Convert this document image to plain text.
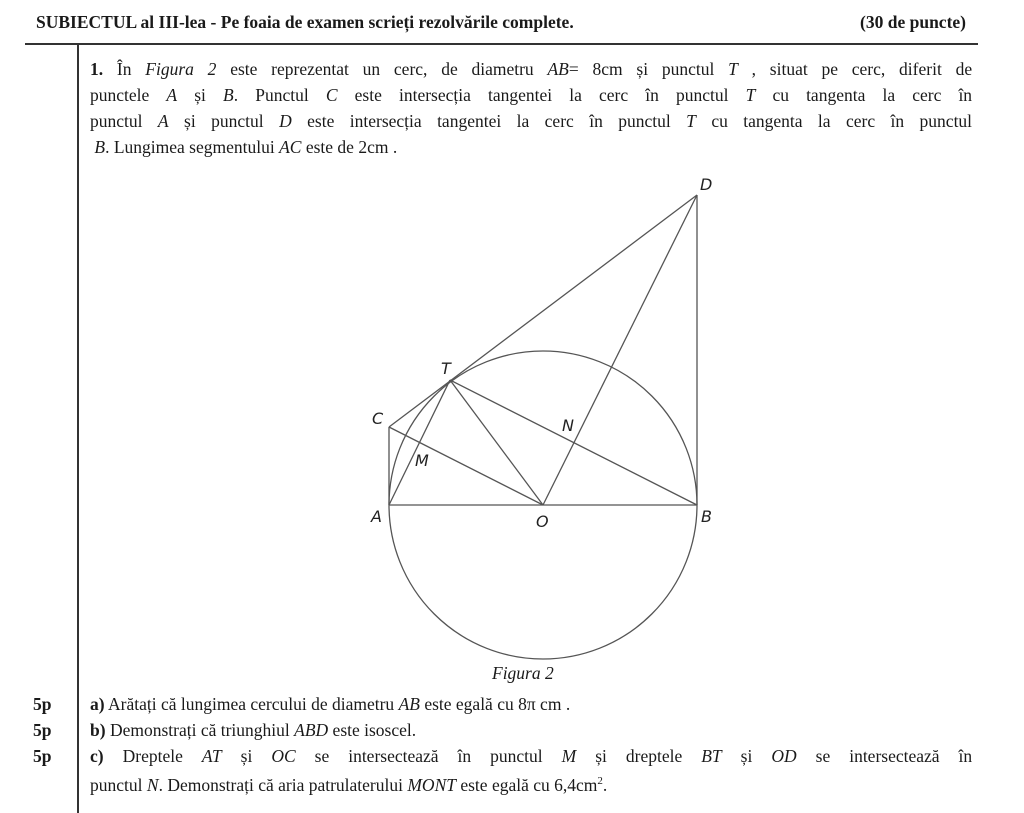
SUBIECTUL al III-lea - Pe foaia de examen scrieți rezolvările complete.	(30 de puncte)
1. În Figura 2 este reprezentat un cerc, de diametru AB= 8cm și punctul T , situat pe cerc, diferit de
punctele A și B. Punctul C este intersecția tangentei la cerc în punctul T cu tangenta la cerc în
punctul A și punctul D este intersecția tangentei la cerc în punctul T cu tangenta la cerc în punctul
B. Lungimea segmentului AC este de 2cm .
D
T
C	N
M
A	O	B
Figura 2
5p a) Arătați că lungimea cercului de diametru AB este egală cu 8π cm .
5p b) Demonstrați că triunghiul ABD este isoscel.
5p c) Dreptele AT și OC se intersectează în punctul M și dreptele BT și OD se intersectează în
punctul N. Demonstrați că aria patrulaterului MONT este egală cu $6,4cm^2$.
